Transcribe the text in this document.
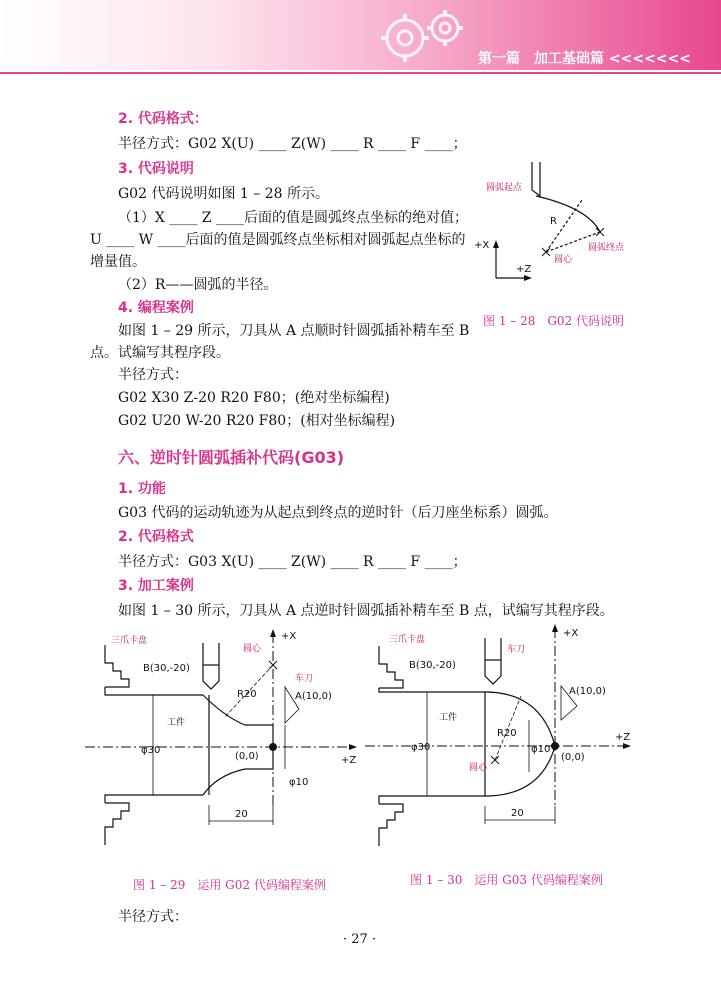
第一篇　加工基础篇 <<<<<<<
2. 代码格式：
半径方式：G02 X(U) ____ Z(W) ____ R ____ F ____；
3. 代码说明
G02 代码说明如图 1 – 28 所示。
（1）X ____ Z ____后面的值是圆弧终点坐标的绝对值；
U ____ W ____后面的值是圆弧终点坐标相对圆弧起点坐标的
增量值。
（2）R——圆弧的半径。
4. 编程案例
如图 1 – 29 所示，刀具从 A 点顺时针圆弧插补精车至 B
点。试编写其程序段。
半径方式：
G02 X30 Z-20 R20 F80；(绝对坐标编程)
G02 U20 W-20 R20 F80；(相对坐标编程)
六、逆时针圆弧插补代码(G03)
1. 功能
G03 代码的运动轨迹为从起点到终点的逆时针（后刀座坐标系）圆弧。
2. 代码格式
半径方式：G03 X(U) ____ Z(W) ____ R ____ F ____；
3. 加工案例
如图 1 – 30 所示，刀具从 A 点逆时针圆弧插补精车至 B 点，试编写其程序段。
圆弧起点
圆弧终点
圆心
R
+X
+Z
图 1 – 28　G02 代码说明
三爪卡盘
B(30,-20)
圆心
车刀
A(10,0)
R20
工件
φ30
φ10
(0,0)
20
+X
+Z
图 1 – 29　运用 G02 代码编程案例
三爪卡盘
B(30,-20)
车刀
A(10,0)
R20
圆心
工件
φ30	φ10
(0,0)
20
+X
+Z
图 1 – 30　运用 G03 代码编程案例
半径方式：
· 27 ·
